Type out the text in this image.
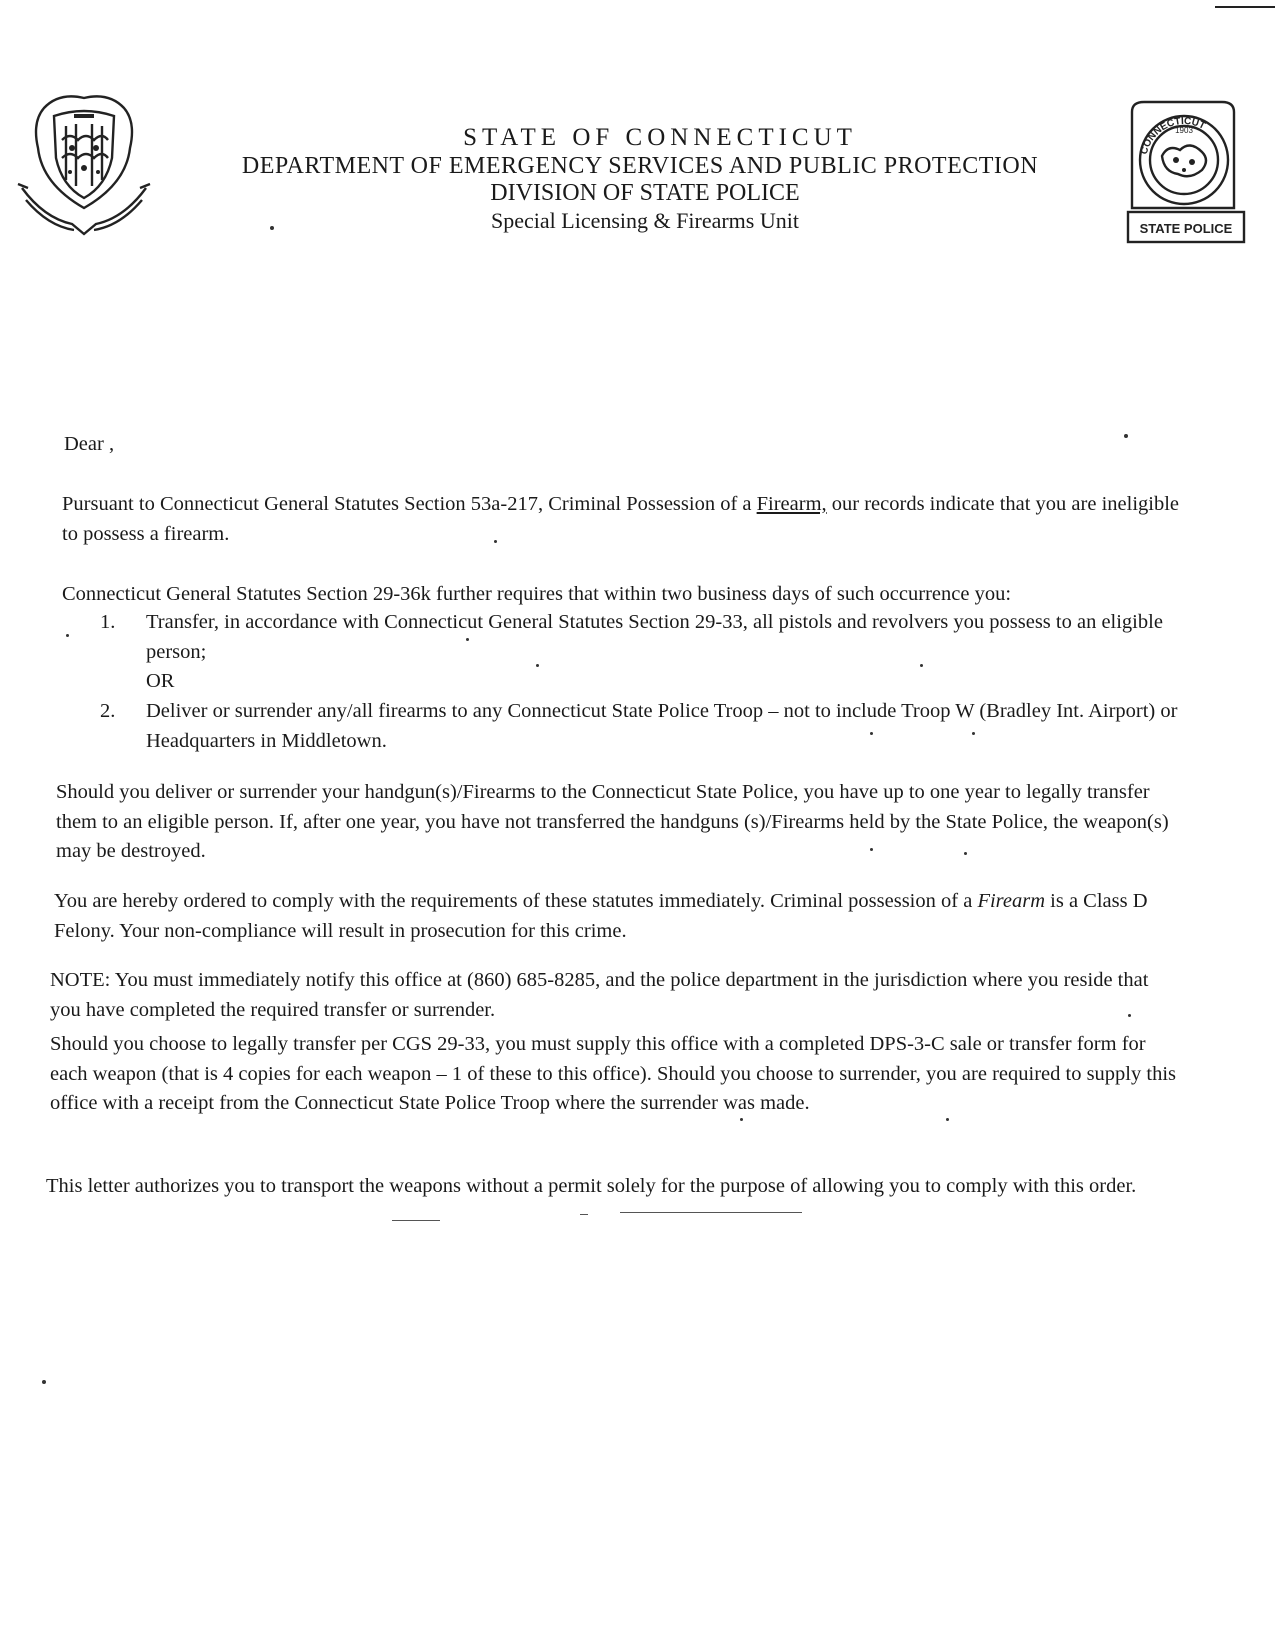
STATE OF CONNECTICUT
DEPARTMENT OF EMERGENCY SERVICES AND PUBLIC PROTECTION
DIVISION OF STATE POLICE
Special Licensing & Firearms Unit
CONNECTICUT
1903
STATE POLICE
Dear ,
Pursuant to Connecticut General Statutes Section 53a-217, Criminal Possession of a Firearm, our records indicate that you are ineligible to possess a firearm.
Connecticut General Statutes Section 29-36k further requires that within two business days of such occurrence you:
1.	Transfer, in accordance with Connecticut General Statutes Section 29-33, all pistols and revolvers you possess to an eligible person;
OR
2.	Deliver or surrender any/all firearms to any Connecticut State Police Troop – not to include Troop W (Bradley Int. Airport) or Headquarters in Middletown.
Should you deliver or surrender your handgun(s)/Firearms to the Connecticut State Police, you have up to one year to legally transfer them to an eligible person. If, after one year, you have not transferred the handguns (s)/Firearms held by the State Police, the weapon(s) may be destroyed.
You are hereby ordered to comply with the requirements of these statutes immediately. Criminal possession of a Firearm is a Class D Felony. Your non-compliance will result in prosecution for this crime.
NOTE: You must immediately notify this office at (860) 685-8285, and the police department in the jurisdiction where you reside that you have completed the required transfer or surrender.
Should you choose to legally transfer per CGS 29-33, you must supply this office with a completed DPS-3-C sale or transfer form for each weapon (that is 4 copies for each weapon – 1 of these to this office). Should you choose to surrender, you are required to supply this office with a receipt from the Connecticut State Police Troop where the surrender was made.
This letter authorizes you to transport the weapons without a permit solely for the purpose of allowing you to comply with this order.
